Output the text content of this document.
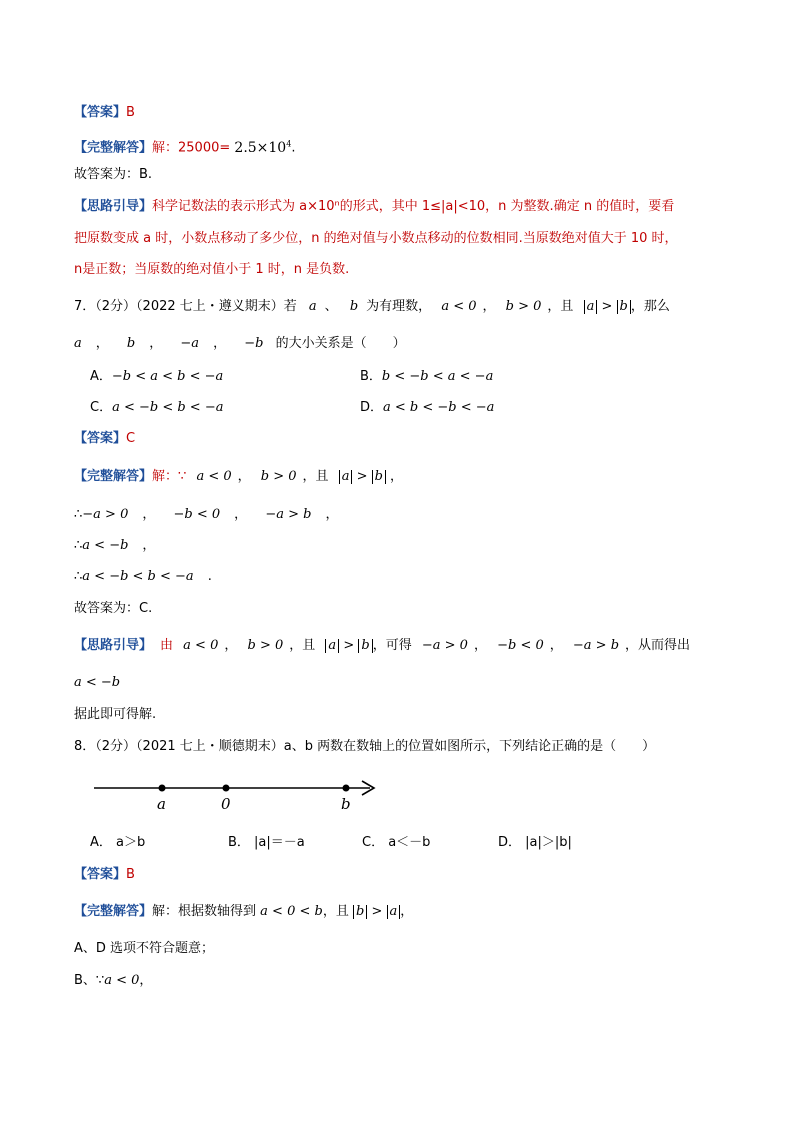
【答案】B
【完整解答】解：$25000= 2.5\times 10^4$.
故答案为：B.
【思路引导】科学记数法的表示形式为 a×10ⁿ的形式，其中 1≤|a|<10，n 为整数.确定 n 的值时，要看
把原数变成 a 时，小数点移动了多少位，n 的绝对值与小数点移动的位数相同.当原数绝对值大于 10 时，
n是正数；当原数的绝对值小于 1 时，n 是负数.
7．（2分）（2022 七上・遵义期末）若 a 、 b 为有理数， a < 0 ， b > 0 ，且 a > b ，那么
a ， b ， −a ， −b 的大小关系是（　　）
A．−b < a < b < −a	B．b < −b < a < −a
C．a < −b < b < −a	D．a < b < −b < −a
【答案】C
【完整解答】解：∵ a < 0 ， b > 0 ，且 a > b ，
∴−a > 0 ， −b < 0 ， −a > b ，
∴a < −b ，
∴a < −b < b < −a .
故答案为：C.
【思路引导】 由 a < 0 ， b > 0 ，且 a > b ，可得 −a > 0 ， −b < 0 ， −a > b ，从而得出
a < −b
据此即可得解.
8．（2分）（2021 七上・顺德期末）a、b 两数在数轴上的位置如图所示，下列结论正确的是（　　）
a	0	b
A． a＞b	B． |a|＝－a	C． a＜－b	D． |a|＞|b|
【答案】B
【完整解答】解：根据数轴得到 a < 0 < b，且 b > a ，
A、D 选项不符合题意；
B、∵a < 0，
